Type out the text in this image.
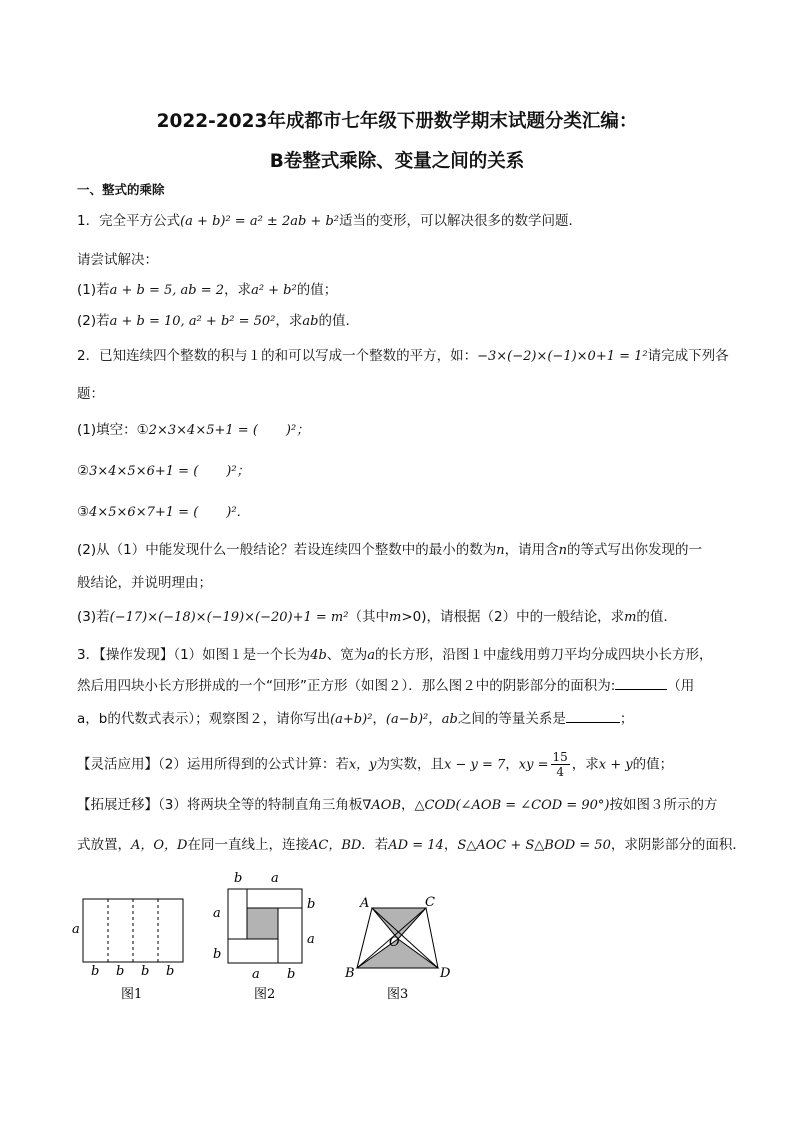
2022-2023年成都市七年级下册数学期末试题分类汇编：
B卷整式乘除、变量之间的关系
一、整式的乘除
1．完全平方公式(a + b)² = a² ± 2ab + b²适当的变形，可以解决很多的数学问题．
请尝试解决：
(1)若a + b = 5, ab = 2，求a² + b²的值；
(2)若a + b = 10, a² + b² = 50²，求ab的值.
2．已知连续四个整数的积与１的和可以写成一个整数的平方，如：−3×(−2)×(−1)×0+1 = 1²请完成下列各
题：
(1)填空：①2×3×4×5+1 = ( )²；
②3×4×5×6+1 = ( )²；
③4×5×6×7+1 = ( )²．
(2)从（1）中能发现什么一般结论？若设连续四个整数中的最小的数为n，请用含n的等式写出你发现的一
般结论，并说明理由；
(3)若(−17)×(−18)×(−19)×(−20)+1 = m²（其中m>0)，请根据（2）中的一般结论，求m的值.
3．【操作发现】（1）如图１是一个长为4b、宽为a的长方形，沿图１中虚线用剪刀平均分成四块小长方形，
然后用四块小长方形拼成的一个“回形”正方形（如图２）．那么图２中的阴影部分的面积为:	（用
a，b的代数式表示）；观察图２，请你写出(a+b)²，(a−b)²，ab之间的等量关系是	；
【灵活应用】（2）运用所得到的公式计算：若x，y为实数，且x − y = 7，xy = $\frac{15}{4}$ ，求x + y的值；
【拓展迁移】（3）将两块全等的特制直角三角板∇AOB，△COD(∠AOB = ∠COD = 90°)按如图３所示的方
式放置，A，O，D在同一直线上，连接AC，BD．若AD = 14，S△AOC + S△BOD = 50，求阴影部分的面积．
a
b b b b
图1
b a
a
b
a b
a
b
图2
A	C
O
B	D
图3
